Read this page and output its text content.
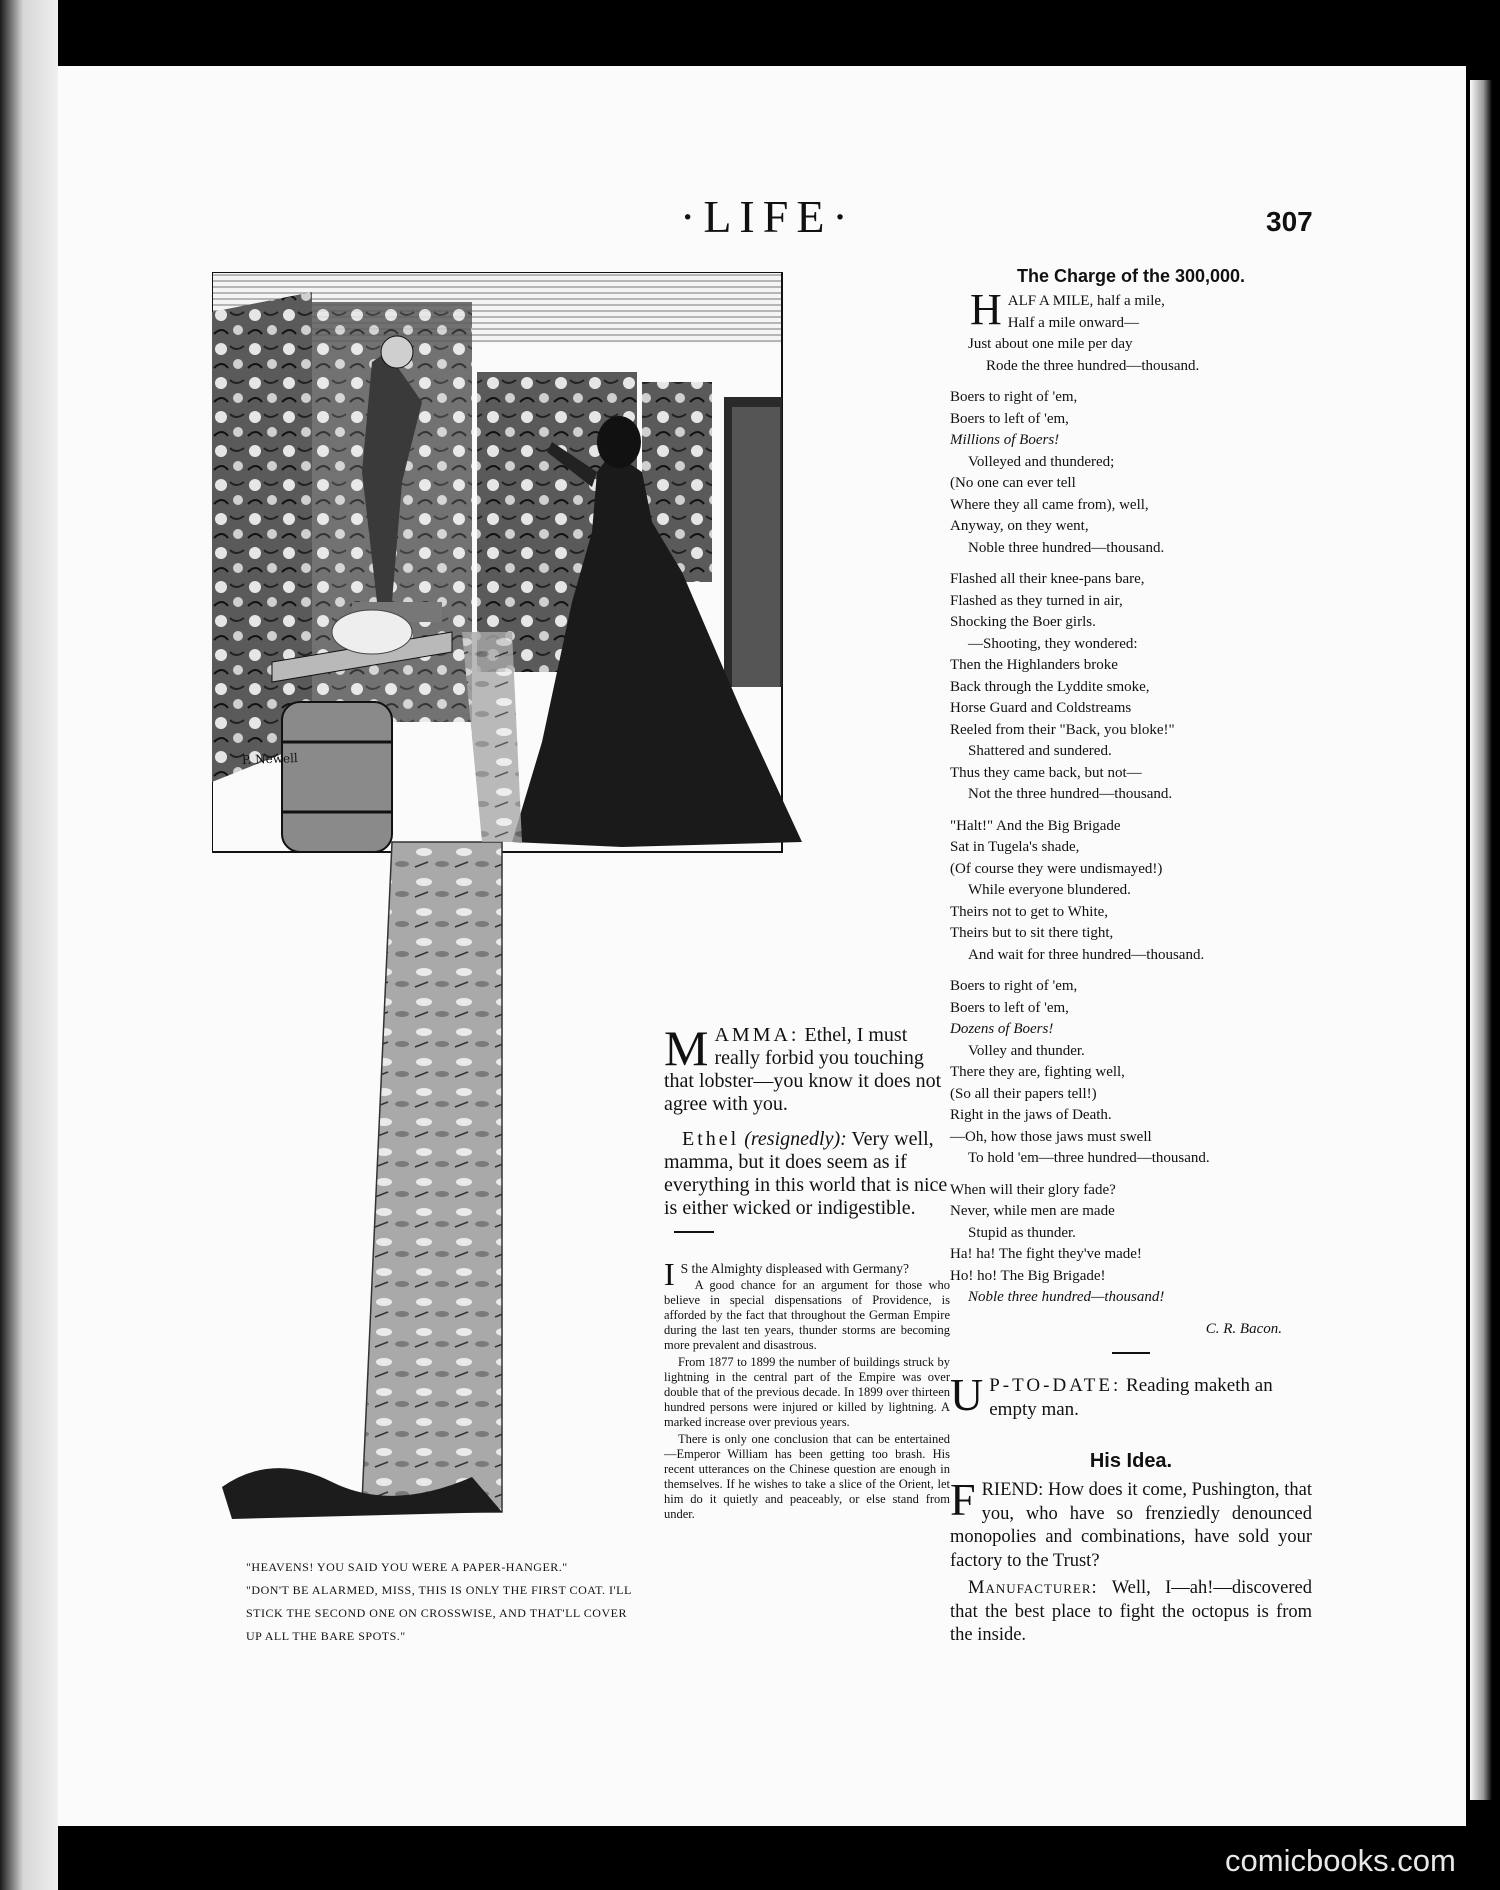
·LIFE·	307
P. Newell

"HEAVENS! YOU SAID YOU WERE A PAPER-HANGER."

"DON'T BE ALARMED, MISS, THIS IS ONLY THE FIRST COAT. I'LL STICK THE SECOND ONE ON CROSSWISE, AND THAT'LL COVER UP ALL THE BARE SPOTS."

MAMMA: Ethel, I must really forbid you touching that lobster—you know it does not agree with you.

Ethel (resignedly): Very well, mamma, but it does seem as if everything in this world that is nice is either wicked or indigestible.

I S the Almighty displeased with Germany?

A good chance for an argument for those who believe in special dispensations of Providence, is afforded by the fact that throughout the German Empire during the last ten years, thunder storms are becoming more prevalent and disastrous.

From 1877 to 1899 the number of buildings struck by lightning in the central part of the Empire was over double that of the previous decade. In 1899 over thirteen hundred persons were injured or killed by lightning. A marked increase over previous years.

There is only one conclusion that can be entertained—Emperor William has been getting too brash. His recent utterances on the Chinese question are enough in themselves. If he wishes to take a slice of the Orient, let him do it quietly and peaceably, or else stand from under.

The Charge of the 300,000.
H ALF A MILE, half a mile,
Half a mile onward—
Just about one mile per day
Rode the three hundred—thousand.
Boers to right of 'em,
Boers to left of 'em,
Millions of Boers!
Volleyed and thundered;
(No one can ever tell
Where they all came from), well,
Anyway, on they went,
Noble three hundred—thousand.
Flashed all their knee-pans bare,
Flashed as they turned in air,
Shocking the Boer girls.
—Shooting, they wondered:
Then the Highlanders broke
Back through the Lyddite smoke,
Horse Guard and Coldstreams
Reeled from their "Back, you bloke!"
Shattered and sundered.
Thus they came back, but not—
Not the three hundred—thousand.
"Halt!" And the Big Brigade
Sat in Tugela's shade,
(Of course they were undismayed!)
While everyone blundered.
Theirs not to get to White,
Theirs but to sit there tight,
And wait for three hundred—thousand.
Boers to right of 'em,
Boers to left of 'em,
Dozens of Boers!
Volley and thunder.
There they are, fighting well,
(So all their papers tell!)
Right in the jaws of Death.
—Oh, how those jaws must swell
To hold 'em—three hundred—thousand.
When will their glory fade?
Never, while men are made
Stupid as thunder.
Ha! ha! The fight they've made!
Ho! ho! The Big Brigade!
Noble three hundred—thousand!
C. R. Bacon.
U P-TO-DATE: Reading maketh an empty man.
His Idea.

FRIEND: How does it come, Pushington, that you, who have so frenziedly denounced monopolies and combinations, have sold your factory to the Trust?

Manufacturer: Well, I—ah!—discovered that the best place to fight the octopus is from the inside.

comicbooks.com
